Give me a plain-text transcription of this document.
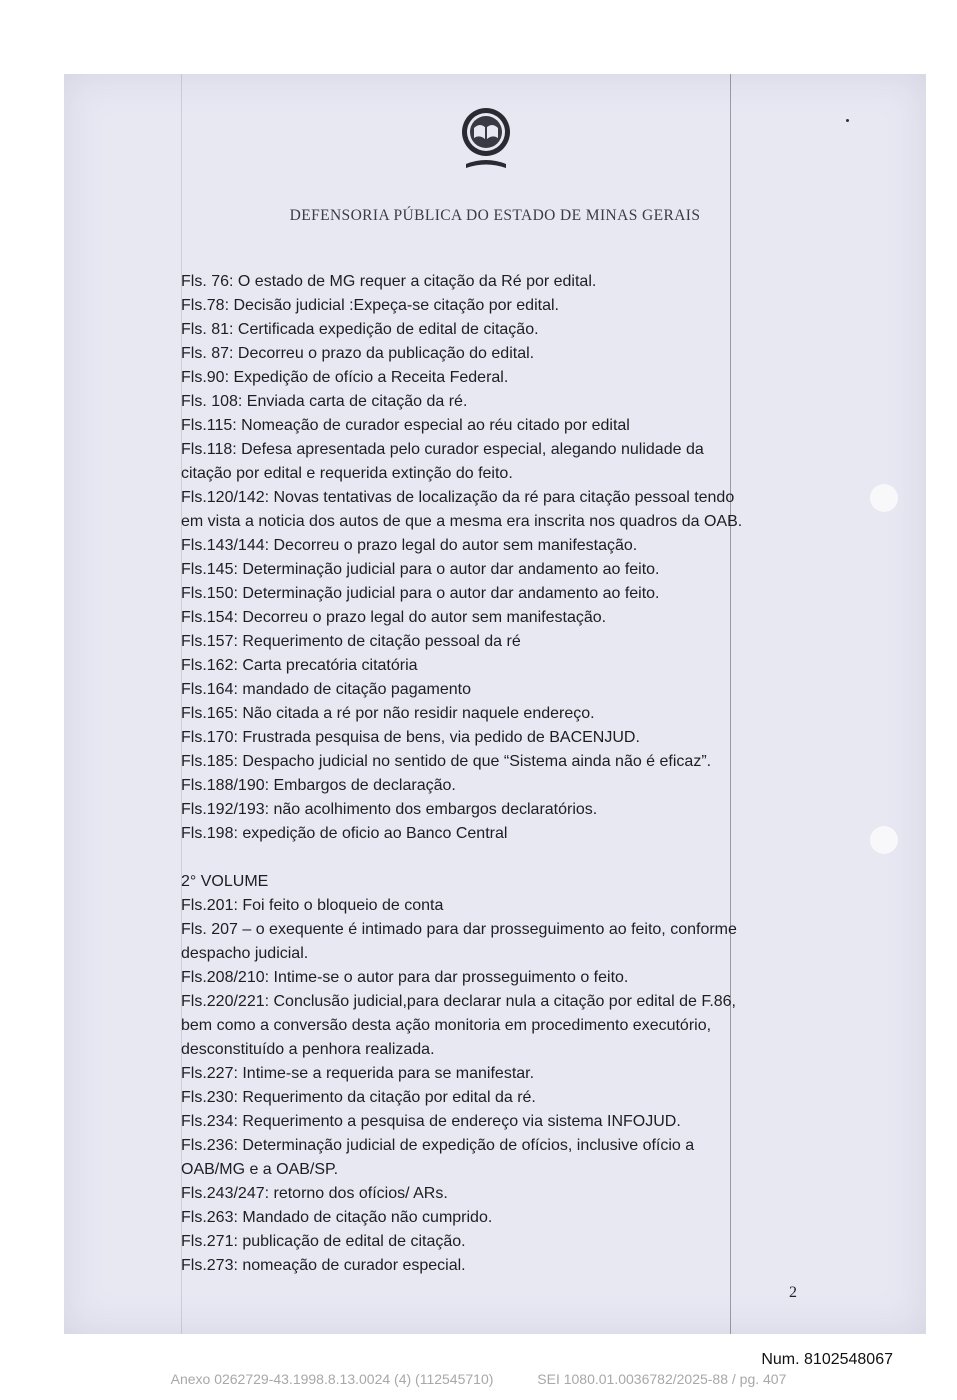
DEFENSORIA PÚBLICA DO ESTADO DE MINAS GERAIS
Fls. 76: O estado de MG requer a citação da Ré por edital.
Fls.78: Decisão judicial :Expeça-se citação por edital.
Fls. 81: Certificada expedição de edital de citação.
Fls. 87: Decorreu o prazo da publicação do edital.
Fls.90: Expedição de ofício a Receita Federal.
Fls. 108: Enviada carta de citação da ré.
Fls.115: Nomeação de curador especial ao réu citado por edital
Fls.118: Defesa apresentada pelo curador especial, alegando nulidade da
citação por edital e requerida extinção do feito.
Fls.120/142: Novas tentativas de localização da ré para citação pessoal tendo
em vista a noticia dos autos de que a mesma era inscrita nos quadros da OAB.
Fls.143/144: Decorreu o prazo legal do autor sem manifestação.
Fls.145: Determinação judicial para o autor dar andamento ao feito.
Fls.150: Determinação judicial para o autor dar andamento ao feito.
Fls.154: Decorreu o prazo legal do autor sem manifestação.
Fls.157: Requerimento de citação pessoal da ré
Fls.162: Carta precatória citatória
Fls.164: mandado de citação pagamento
Fls.165: Não citada a ré por não residir naquele endereço.
Fls.170: Frustrada pesquisa de bens, via pedido de BACENJUD.
Fls.185: Despacho judicial no sentido de que “Sistema ainda não é eficaz”.
Fls.188/190: Embargos de declaração.
Fls.192/193: não acolhimento dos embargos declaratórios.
Fls.198: expedição de oficio ao Banco Central
2° VOLUME
Fls.201: Foi feito o bloqueio de conta
Fls. 207 – o exequente é intimado para dar prosseguimento ao feito, conforme
despacho judicial.
Fls.208/210: Intime-se o autor para dar prosseguimento o feito.
Fls.220/221: Conclusão judicial,para declarar nula a citação por edital de F.86,
bem como a conversão desta ação monitoria em procedimento executório,
desconstituído a penhora realizada.
Fls.227: Intime-se a requerida para se manifestar.
Fls.230: Requerimento da citação por edital da ré.
Fls.234: Requerimento a pesquisa de endereço via sistema INFOJUD.
Fls.236: Determinação judicial de expedição de ofícios, inclusive ofício a
OAB/MG e a OAB/SP.
Fls.243/247: retorno dos ofícios/ ARs.
Fls.263: Mandado de citação não cumprido.
Fls.271: publicação de edital de citação.
Fls.273: nomeação de curador especial.
2
Num. 8102548067
Anexo 0262729-43.1998.8.13.0024 (4) (112545710)	SEI 1080.01.0036782/2025-88 / pg. 407
